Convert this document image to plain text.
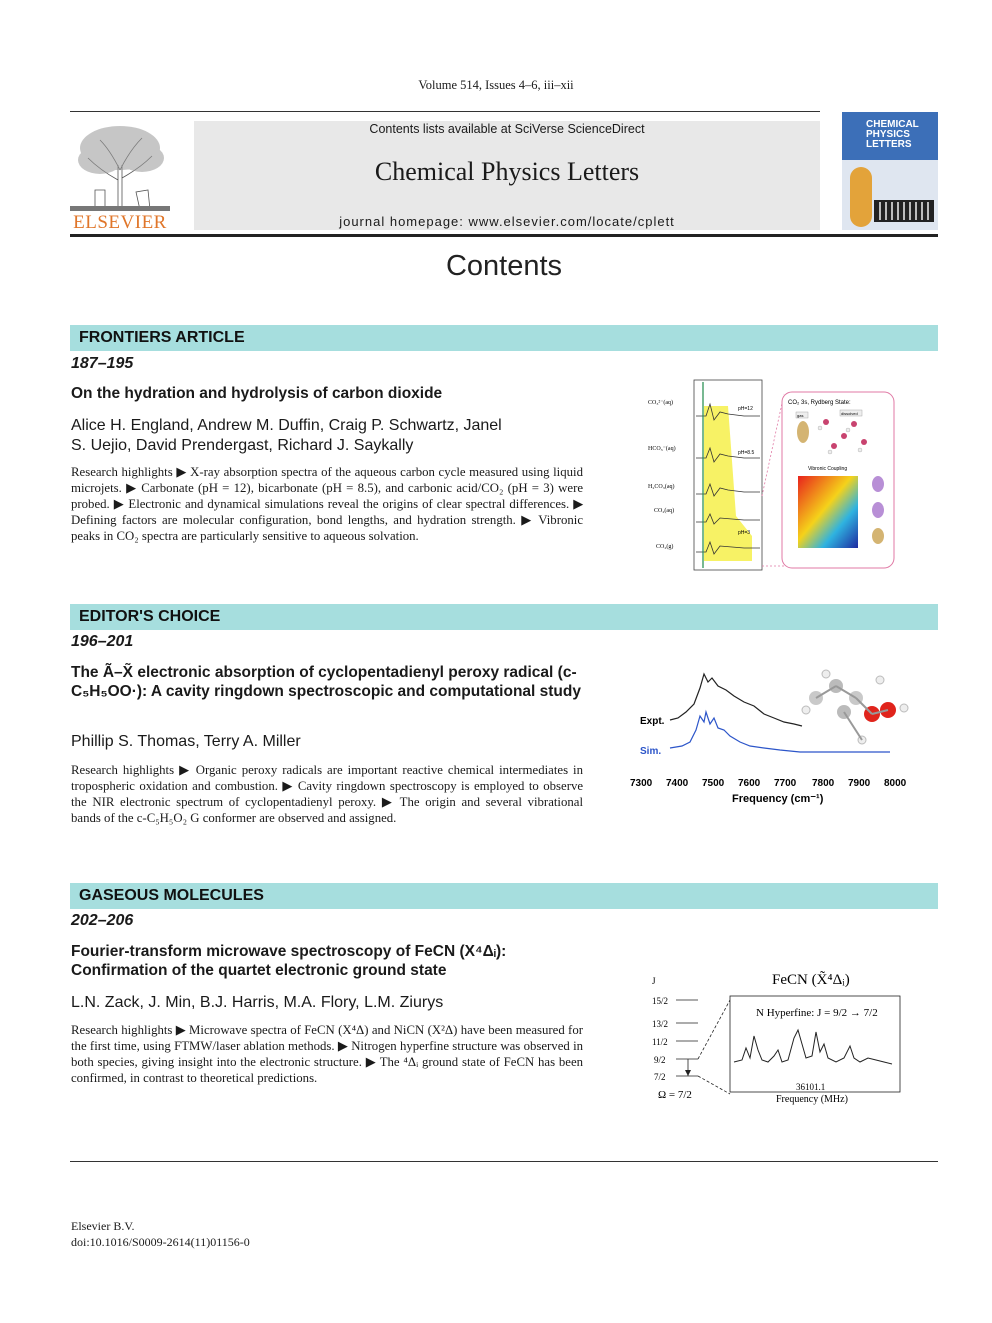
Volume 514, Issues 4–6, iii–xii
ELSEVIER
Contents lists available at SciVerse ScienceDirect
Chemical Physics Letters
journal homepage: www.elsevier.com/locate/cplett
CHEMICAL PHYSICS LETTERS
Contents
FRONTIERS ARTICLE
187–195
On the hydration and hydrolysis of carbon dioxide
Alice H. England, Andrew M. Duffin, Craig P. Schwartz, Janel S. Uejio, David Prendergast, Richard J. Saykally
Research highlights ▶ X-ray absorption spectra of the aqueous carbon cycle measured using liquid microjets. ▶ Carbonate (pH = 12), bicarbonate (pH = 8.5), and carbonic acid/CO₂ (pH = 3) were probed. ▶ Electronic and dynamical simulations reveal the origins of clear spectral differences. ▶ Defining factors are molecular configuration, bond lengths, and hydration strength. ▶ Vibronic peaks in CO₂ spectra are particularly sensitive to aqueous solvation.
CO₃²⁻(aq)
HCO₃⁻(aq)
H₂CO₃(aq)
CO₂(aq)
CO₂(g)
pH=12
pH=8.5
pH=3
CO₂ 3s, Rydberg State:
gas	dissolved
Vibronic Coupling
EDITOR'S CHOICE
196–201
The Ã–X̃ electronic absorption of cyclopentadienyl peroxy radical (c-C₅H₅OO·): A cavity ringdown spectroscopic and computational study
Phillip S. Thomas, Terry A. Miller
Research highlights ▶ Organic peroxy radicals are important reactive chemical intermediates in tropospheric oxidation and combustion. ▶ Cavity ringdown spectroscopy is employed to observe the NIR electronic spectrum of cyclopentadienyl peroxy. ▶ The origin and several vibrational bands of the c-C₅H₅O₂ G conformer are observed and assigned.
Expt.
Sim.
7300 7400 7500 7600 7700 7800 7900 8000
Frequency (cm⁻¹)
GASEOUS MOLECULES
202–206
Fourier-transform microwave spectroscopy of FeCN (X⁴Δᵢ): Confirmation of the quartet electronic ground state
L.N. Zack, J. Min, B.J. Harris, M.A. Flory, L.M. Ziurys
Research highlights ▶ Microwave spectra of FeCN (X⁴Δ) and NiCN (X²Δ) have been measured for the first time, using FTMW/laser ablation methods. ▶ Nitrogen hyperfine structure was observed in both species, giving insight into the electronic structure. ▶ The ⁴Δᵢ ground state of FeCN has been confirmed, in contrast to theoretical predictions.
J	FeCN (X̃⁴Δᵢ)
15/2
13/2
11/2
9/2
7/2
N Hyperfine: J = 9/2 → 7/2
36101.1
Frequency (MHz)
Ω = 7/2
Elsevier B.V.
doi:10.1016/S0009-2614(11)01156-0
